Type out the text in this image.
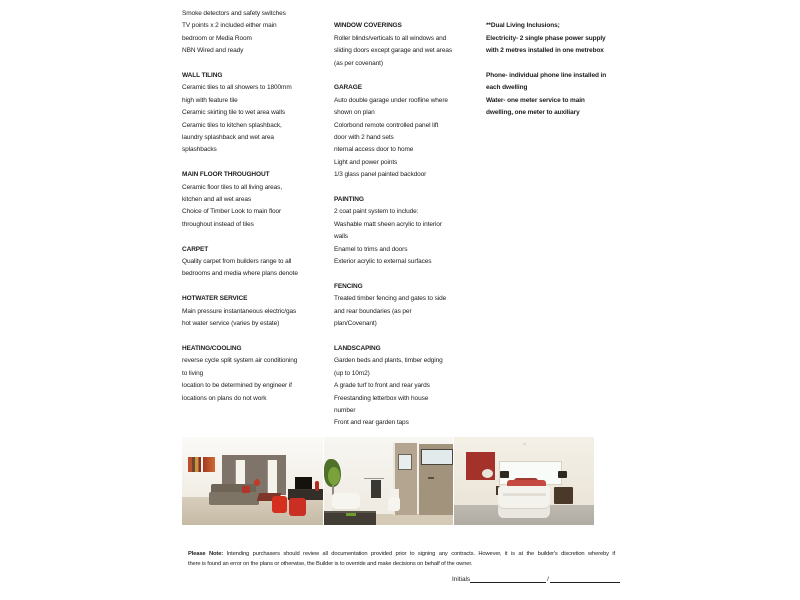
Smoke detectors and safety switches
TV points x 2 included either main
bedroom or Media Room
NBN Wired and ready
WALL TILING
Ceramic tiles to all showers to 1800mm
high with feature tile
Ceramic skirting tile to wet area walls
Ceramic tiles to kitchen splashback,
laundry splashback and wet area
splashbacks
MAIN FLOOR THROUGHOUT
Ceramic floor tiles to all living areas,
kitchen and all wet areas
Choice of Timber Look to main floor
throughout instead of tiles
CARPET
Quality carpet from builders range to all
bedrooms and media where plans denote
HOTWATER SERVICE
Main pressure instantaneous electric/gas
hot water service (varies by estate)
HEATING/COOLING
reverse cycle split system air conditioning
to living
location to be determined by engineer if
locations on plans do not work
WINDOW COVERINGS
Roller blinds/verticals to all windows and
sliding doors except garage and wet areas
(as per covenant)
GARAGE
Auto double garage under roofline where
shown on plan
Colorbond remote controlled panel lift
door with 2 hand sets
nternal access door to home
Light and power points
1/3 glass panel painted backdoor
PAINTING
2 coat paint system to include:
Washable matt sheen acrylic to interior
walls
Enamel to trims and doors
Exterior acrylic to external surfaces
FENCING
Treated timber fencing and gates to side
and rear boundaries (as per
plan/Covenant)
LANDSCAPING
Garden beds and plants, timber edging
(up to 10m2)
A grade turf to front and rear yards
Freestanding letterbox with house
number
Front and rear garden taps
**Dual Living Inclusions;
Electricity- 2 single phase power supply
with 2 metres installed in one metrebox
Phone- individual phone line installed in
each dwelling
Water- one meter service to main
dwelling, one meter to auxiliary
Please Note: Intending purchasers should review all documentation provided prior to signing any contracts. However, it is at the builder's discretion whereby if
there is found an error on the plans or otherwise, the Builder is to override and make decisions on behalf of the owner.
Initials	/
